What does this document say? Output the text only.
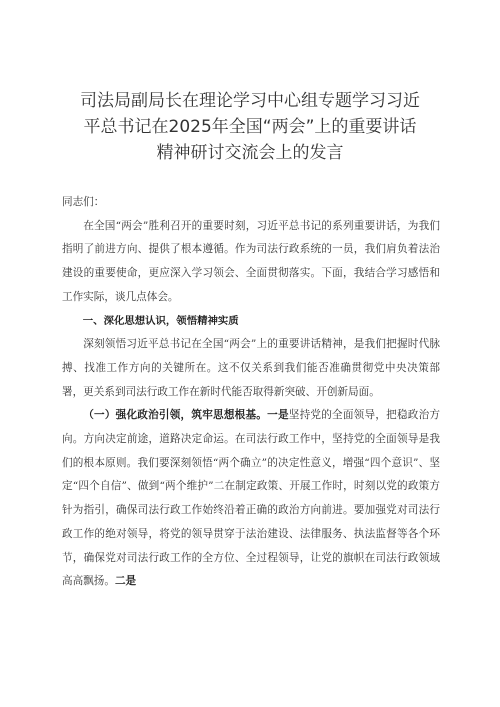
司法局副局长在理论学习中心组专题学习习近
平总书记在2025年全国“两会”上的重要讲话
精神研讨交流会上的发言

同志们：

在全国“两会”胜利召开的重要时刻，习近平总书记的系列重要讲话，为我们指明了前进方向、提供了根本遵循。作为司法行政系统的一员，我们肩负着法治建设的重要使命，更应深入学习领会、全面贯彻落实。下面，我结合学习感悟和工作实际，谈几点体会。

一、深化思想认识，领悟精神实质

深刻领悟习近平总书记在全国“两会”上的重要讲话精神，是我们把握时代脉搏、找准工作方向的关键所在。这不仅关系到我们能否准确贯彻党中央决策部署，更关系到司法行政工作在新时代能否取得新突破、开创新局面。

（一）强化政治引领，筑牢思想根基。一是坚持党的全面领导，把稳政治方向。方向决定前途，道路决定命运。在司法行政工作中，坚持党的全面领导是我们的根本原则。我们要深刻领悟“两个确立”的决定性意义，增强“四个意识”、坚定“四个自信”、做到“两个维护”二在制定政策、开展工作时，时刻以党的政策方针为指引，确保司法行政工作始终沿着正确的政治方向前进。要加强党对司法行政工作的绝对领导，将党的领导贯穿于法治建设、法律服务、执法监督等各个环节，确保党对司法行政工作的全方位、全过程领导，让党的旗帜在司法行政领域高高飘扬。二是
